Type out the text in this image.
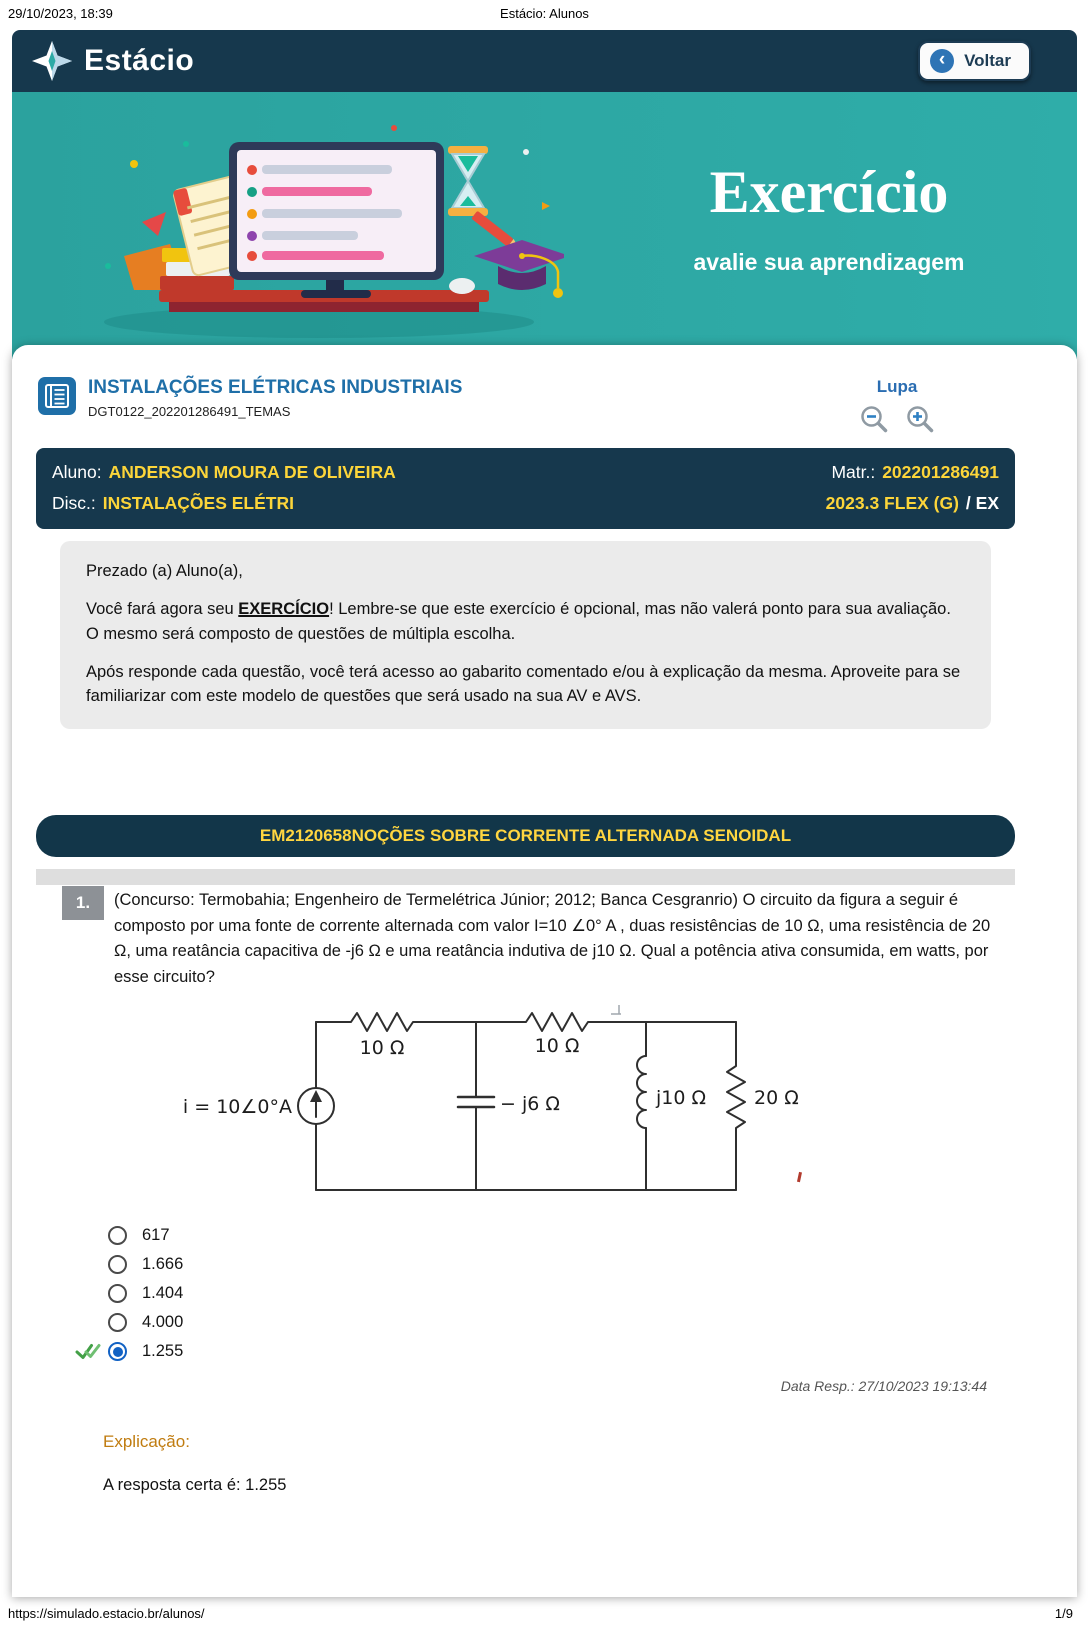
29/10/2023, 18:39	Estácio: Alunos
Estácio	‹	Voltar
Exercício
avalie sua aprendizagem
INSTALAÇÕES ELÉTRICAS INDUSTRIAIS
DGT0122_202201286491_TEMAS
Lupa
Aluno: ANDERSON MOURA DE OLIVEIRA	Matr.: 202201286491
Disc.: INSTALAÇÕES ELÉTRI	2023.3 FLEX (G) / EX

Prezado (a) Aluno(a),

Você fará agora seu EXERCÍCIO! Lembre-se que este exercício é opcional, mas não valerá ponto para sua avaliação. O mesmo será composto de questões de múltipla escolha.

Após responde cada questão, você terá acesso ao gabarito comentado e/ou à explicação da mesma. Aproveite para se familiarizar com este modelo de questões que será usado na sua AV e AVS.

EM2120658NOÇÕES SOBRE CORRENTE ALTERNADA SENOIDAL
1.	(Concurso: Termobahia; Engenheiro de Termelétrica Júnior; 2012; Banca Cesgranrio) O circuito da figura a seguir é composto por uma fonte de corrente alternada com valor I=10 ∠0° A , duas resistências de 10 Ω, uma resistência de 20 Ω, uma reatância capacitiva de -j6 Ω e uma reatância indutiva de j10 Ω. Qual a potência ativa consumida, em watts, por esse circuito?
i = 10∠0°A
10 Ω	10 Ω
− j6 Ω	j10 Ω	20 Ω
617
1.666
1.404
4.000
1.255
Data Resp.: 27/10/2023 19:13:44
Explicação:
A resposta certa é: 1.255
https://simulado.estacio.br/alunos/	1/9
